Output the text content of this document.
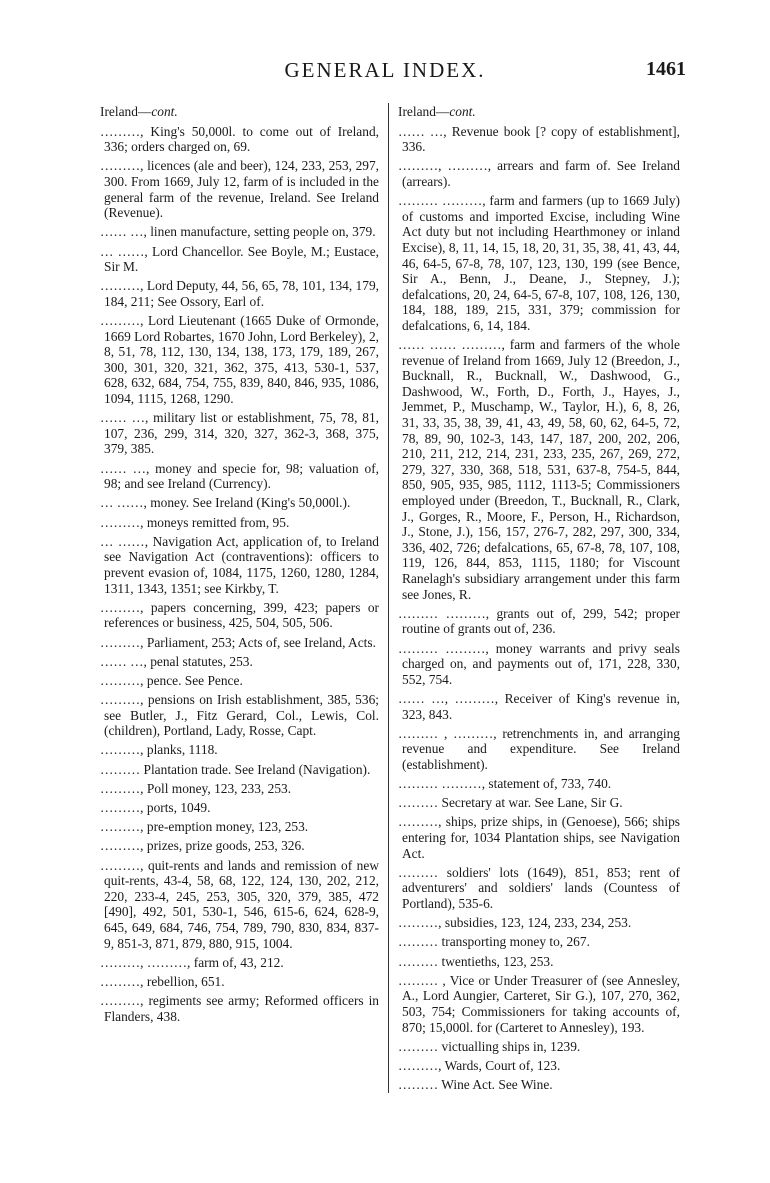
GENERAL INDEX.	1461
Ireland—cont.
………, King's 50,000l. to come out of Ireland, 336; orders charged on, 69.
………, licences (ale and beer), 124, 233, 253, 297, 300. From 1669, July 12, farm of is included in the general farm of the revenue, Ireland. See Ireland (Revenue).
…… …, linen manufacture, setting people on, 379.
… ……, Lord Chancellor. See Boyle, M.; Eustace, Sir M.
………, Lord Deputy, 44, 56, 65, 78, 101, 134, 179, 184, 211; See Ossory, Earl of.
………, Lord Lieutenant (1665 Duke of Ormonde, 1669 Lord Robartes, 1670 John, Lord Berkeley), 2, 8, 51, 78, 112, 130, 134, 138, 173, 179, 189, 267, 300, 301, 320, 321, 362, 375, 413, 530-1, 537, 628, 632, 684, 754, 755, 839, 840, 846, 935, 1086, 1094, 1115, 1268, 1290.
…… …, military list or establishment, 75, 78, 81, 107, 236, 299, 314, 320, 327, 362-3, 368, 375, 379, 385.
…… …, money and specie for, 98; valuation of, 98; and see Ireland (Currency).
… ……, money. See Ireland (King's 50,000l.).
………, moneys remitted from, 95.
… ……, Navigation Act, application of, to Ireland see Navigation Act (contraventions): officers to prevent evasion of, 1084, 1175, 1260, 1280, 1284, 1311, 1343, 1351; see Kirkby, T.
………, papers concerning, 399, 423; papers or references or business, 425, 504, 505, 506.
………, Parliament, 253; Acts of, see Ireland, Acts.
…… …, penal statutes, 253.
………, pence. See Pence.
………, pensions on Irish establishment, 385, 536; see Butler, J., Fitz Gerard, Col., Lewis, Col. (children), Portland, Lady, Rosse, Capt.
………, planks, 1118.
……… Plantation trade. See Ireland (Navigation).
………, Poll money, 123, 233, 253.
………, ports, 1049.
………, pre-emption money, 123, 253.
………, prizes, prize goods, 253, 326.
………, quit-rents and lands and remission of new quit-rents, 43-4, 58, 68, 122, 124, 130, 202, 212, 220, 233-4, 245, 253, 305, 320, 379, 385, 472 [490], 492, 501, 530-1, 546, 615-6, 624, 628-9, 645, 649, 684, 746, 754, 789, 790, 830, 834, 837-9, 851-3, 871, 879, 880, 915, 1004.
………, ………, farm of, 43, 212.
………, rebellion, 651.
………, regiments see army; Reformed officers in Flanders, 438.
Ireland—cont.
…… …, Revenue book [? copy of establishment], 336.
………, ………, arrears and farm of. See Ireland (arrears).
……… ………, farm and farmers (up to 1669 July) of customs and imported Excise, including Wine Act duty but not including Hearthmoney or inland Excise), 8, 11, 14, 15, 18, 20, 31, 35, 38, 41, 43, 44, 46, 64-5, 67-8, 78, 107, 123, 130, 199 (see Bence, Sir A., Benn, J., Deane, J., Stepney, J.); defalcations, 20, 24, 64-5, 67-8, 107, 108, 126, 130, 184, 188, 189, 215, 331, 379; commission for defalcations, 6, 14, 184.
…… …… ………, farm and farmers of the whole revenue of Ireland from 1669, July 12 (Breedon, J., Bucknall, R., Bucknall, W., Dashwood, G., Dashwood, W., Forth, D., Forth, J., Hayes, J., Jemmet, P., Muschamp, W., Taylor, H.), 6, 8, 26, 31, 33, 35, 38, 39, 41, 43, 49, 58, 60, 62, 64-5, 72, 78, 89, 90, 102-3, 143, 147, 187, 200, 202, 206, 210, 211, 212, 214, 231, 233, 235, 267, 269, 272, 279, 327, 330, 368, 518, 531, 637-8, 754-5, 844, 850, 905, 935, 985, 1112, 1113-5; Commissioners employed under (Breedon, T., Bucknall, R., Clark, J., Gorges, R., Moore, F., Person, H., Richardson, J., Stone, J.), 156, 157, 276-7, 282, 297, 300, 334, 336, 402, 726; defalcations, 65, 67-8, 78, 107, 108, 119, 126, 844, 853, 1115, 1180; for Viscount Ranelagh's subsidiary arrangement under this farm see Jones, R.
……… ………, grants out of, 299, 542; proper routine of grants out of, 236.
……… ………, money warrants and privy seals charged on, and payments out of, 171, 228, 330, 552, 754.
…… …, ………, Receiver of King's revenue in, 323, 843.
……… , ………, retrenchments in, and arranging revenue and expenditure. See Ireland (establishment).
……… ………, statement of, 733, 740.
……… Secretary at war. See Lane, Sir G.
………, ships, prize ships, in (Genoese), 566; ships entering for, 1034 Plantation ships, see Navigation Act.
……… soldiers' lots (1649), 851, 853; rent of adventurers' and soldiers' lands (Countess of Portland), 535-6.
………, subsidies, 123, 124, 233, 234, 253.
……… transporting money to, 267.
……… twentieths, 123, 253.
……… , Vice or Under Treasurer of (see Annesley, A., Lord Aungier, Carteret, Sir G.), 107, 270, 362, 503, 754; Commissioners for taking accounts of, 870; 15,000l. for (Carteret to Annesley), 193.
……… victualling ships in, 1239.
………, Wards, Court of, 123.
……… Wine Act. See Wine.
